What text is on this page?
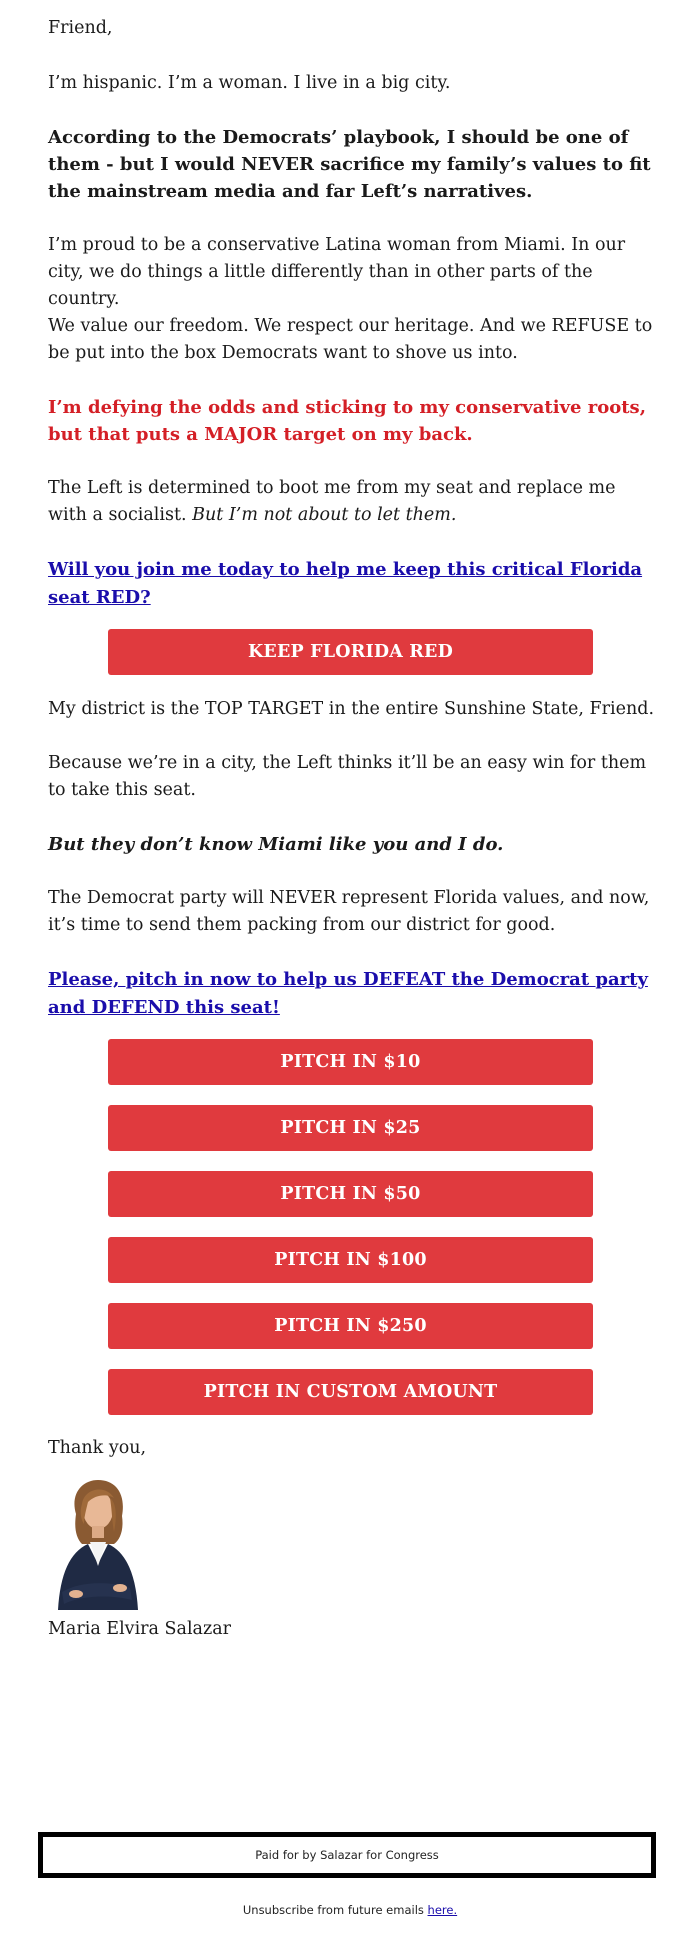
Friend,

I’m hispanic. I’m a woman. I live in a big city.

According to the Democrats’ playbook, I should be one of them - but I would NEVER sacrifice my family’s values to fit the mainstream media and far Left’s narratives.

I’m proud to be a conservative Latina woman from Miami. In our city, we do things a little differently than in other parts of the country.

We value our freedom. We respect our heritage. And we REFUSE to be put into the box Democrats want to shove us into.

I’m defying the odds and sticking to my conservative roots, but that puts a MAJOR target on my back.

The Left is determined to boot me from my seat and replace me with a socialist. But I’m not about to let them.

Will you join me today to help me keep this critical Florida seat RED?

KEEP FLORIDA RED

My district is the TOP TARGET in the entire Sunshine State, Friend.

Because we’re in a city, the Left thinks it’ll be an easy win for them to take this seat.

But they don’t know Miami like you and I do.

The Democrat party will NEVER represent Florida values, and now, it’s time to send them packing from our district for good.

Please, pitch in now to help us DEFEAT the Democrat party and DEFEND this seat!

PITCH IN $10
PITCH IN $25
PITCH IN $50
PITCH IN $100
PITCH IN $250
PITCH IN CUSTOM AMOUNT

Thank you,

Maria Elvira Salazar

Paid for by Salazar for Congress
Unsubscribe from future emails here.
